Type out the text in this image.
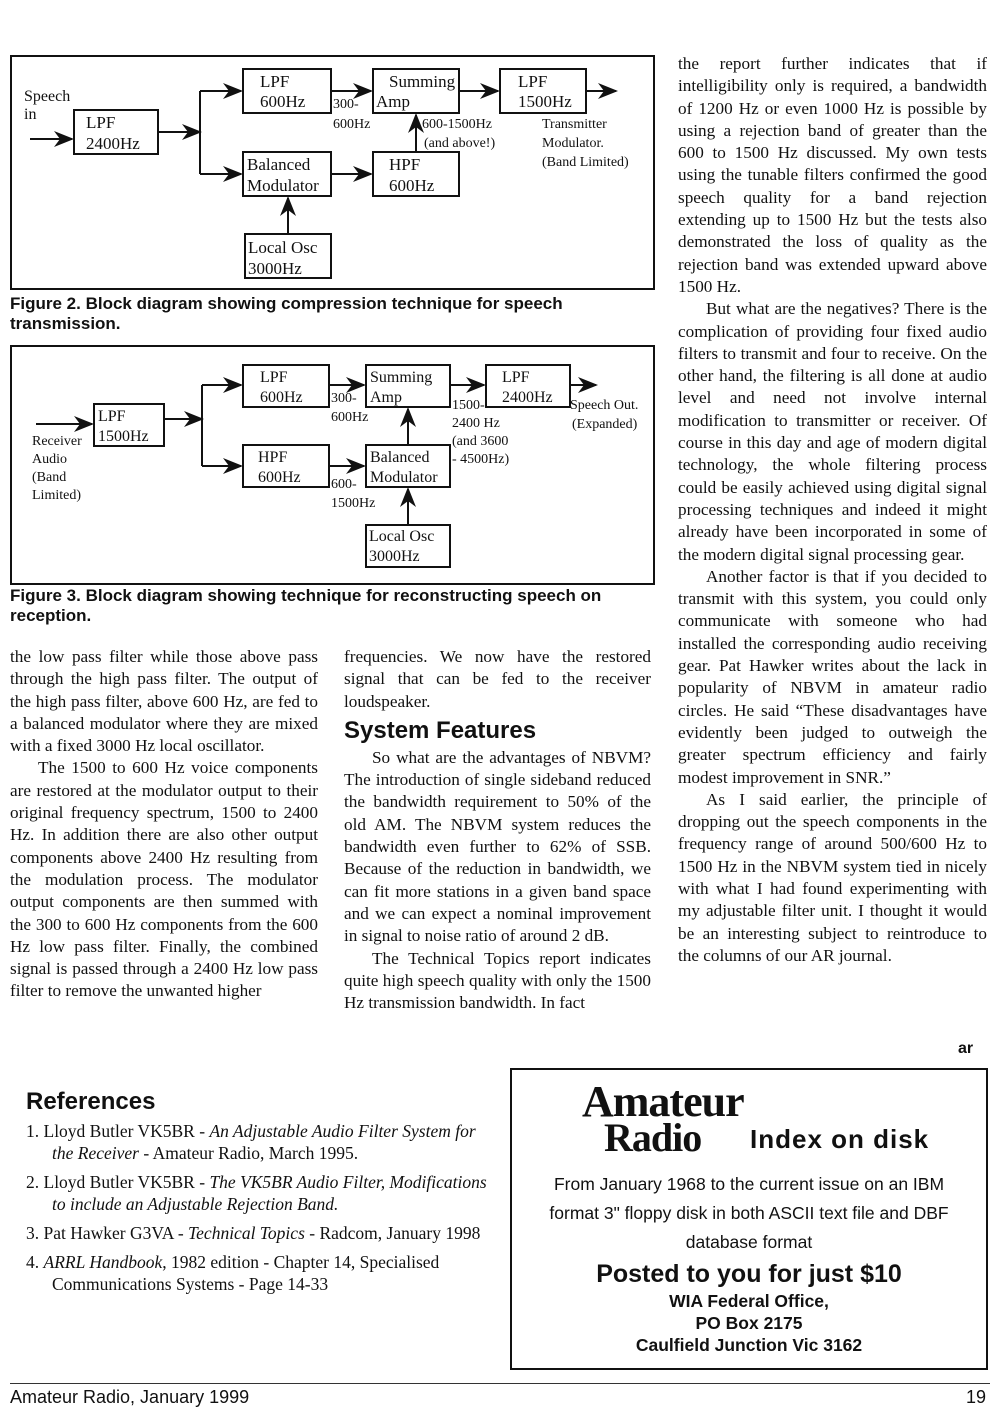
Speech
in	LPF
2400Hz
LPF
600Hz
Summing
Amp
LPF
1500Hz
Balanced
Modulator
HPF
600Hz
Local Osc
3000Hz
300-
600Hz	600-1500Hz
(and above!)
Transmitter
Modulator.
(Band Limited)
Figure 2. Block diagram showing compression technique for speech transmission.
Receiver
Audio
(Band
Limited)
LPF
1500Hz
LPF
600Hz
Summing
Amp
LPF
2400Hz
HPF
600Hz
Balanced
Modulator
Local Osc
3000Hz
300-
600Hz
600-
1500Hz
1500-
2400 Hz
(and 3600
- 4500Hz)
Speech Out.
(Expanded)
Figure 3. Block diagram showing technique for reconstructing speech on reception.

the low pass filter while those above pass through the high pass filter. The output of the high pass filter, above 600 Hz, are fed to a balanced modulator where they are mixed with a fixed 3000 Hz local oscillator.

The 1500 to 600 Hz voice components are restored at the modulator output to their original frequency spectrum, 1500 to 2400 Hz. In addition there are also other output components above 2400 Hz resulting from the modulation process. The modulator output components are then summed with the 300 to 600 Hz components from the 600 Hz low pass filter. Finally, the combined signal is passed through a 2400 Hz low pass filter to remove the unwanted higher

frequencies. We now have the restored signal that can be fed to the receiver loudspeaker.

System Features

So what are the advantages of NBVM? The introduction of single sideband reduced the bandwidth requirement to 50% of the old AM. The NBVM system reduces the bandwidth even further to 62% of SSB. Because of the reduction in bandwidth, we can fit more stations in a given band space and we can expect a nominal improvement in signal to noise ratio of around 2 dB.

The Technical Topics report indicates quite high speech quality with only the 1500 Hz transmission bandwidth. In fact

the report further indicates that if intelligibility only is required, a bandwidth of 1200 Hz or even 1000 Hz is possible by using a rejection band of greater than the 600 to 1500 Hz discussed. My own tests using the tunable filters confirmed the good speech quality for a band rejection extending up to 1500 Hz but the tests also demonstrated the loss of quality as the rejection band was extended upward above 1500 Hz.

But what are the negatives? There is the complication of providing four fixed audio filters to transmit and four to receive. On the other hand, the filtering is all done at audio level and need not involve internal modification to transmitter or receiver. Of course in this day and age of modern digital technology, the whole filtering process could be easily achieved using digital signal processing techniques and indeed it might already have been incorporated in some of the modern digital signal processing gear.

Another factor is that if you decided to transmit with this system, you could only communicate with someone who had installed the corresponding audio receiving gear. Pat Hawker writes about the lack in popularity of NBVM in amateur radio circles. He said “These disadvantages have evidently been judged to outweigh the greater spectrum efficiency and fairly modest improvement in SNR.”

As I said earlier, the principle of dropping out the speech components in the frequency range of around 500/600 Hz to 1500 Hz in the NBVM system tied in nicely with what I had found experimenting with my adjustable filter unit. I thought it would be an interesting subject to reintroduce to the columns of our AR journal.

ar
References
1. Lloyd Butler VK5BR - An Adjustable Audio Filter System for the Receiver - Amateur Radio, March 1995.
2. Lloyd Butler VK5BR - The VK5BR Audio Filter, Modifications to include an Adjustable Rejection Band.
3. Pat Hawker G3VA - Technical Topics - Radcom, January 1998
4. ARRL Handbook, 1982 edition - Chapter 14, Specialised Communications Systems - Page 14-33
Amateur
Radio Index on disk
From January 1968 to the current issue on an IBM
format 3" floppy disk in both ASCII text file and DBF
database format
Posted to you for just $10
WIA Federal Office,
PO Box 2175
Caulfield Junction Vic 3162
Amateur Radio, January 1999	19
